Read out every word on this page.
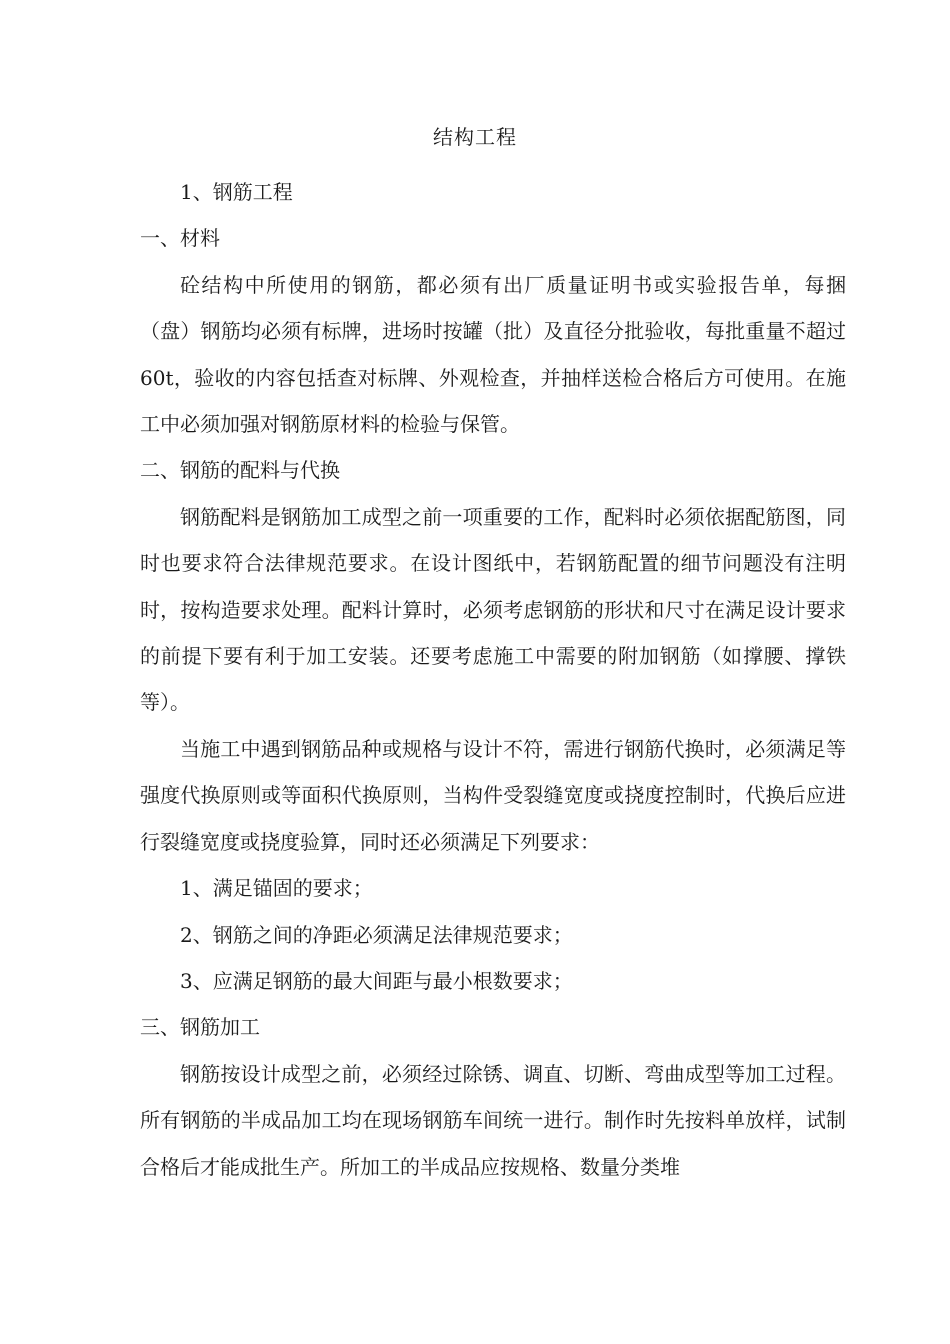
结构工程

1、钢筋工程

一、材料

砼结构中所使用的钢筋，都必须有出厂质量证明书或实验报告单，每捆（盘）钢筋均必须有标牌，进场时按罐（批）及直径分批验收，每批重量不超过60t，验收的内容包括查对标牌、外观检查，并抽样送检合格后方可使用。在施工中必须加强对钢筋原材料的检验与保管。

二、钢筋的配料与代换

钢筋配料是钢筋加工成型之前一项重要的工作，配料时必须依据配筋图，同时也要求符合法律规范要求。在设计图纸中，若钢筋配置的细节问题没有注明时，按构造要求处理。配料计算时，必须考虑钢筋的形状和尺寸在满足设计要求的前提下要有利于加工安装。还要考虑施工中需要的附加钢筋（如撑腰、撑铁等）。

当施工中遇到钢筋品种或规格与设计不符，需进行钢筋代换时，必须满足等强度代换原则或等面积代换原则，当构件受裂缝宽度或挠度控制时，代换后应进行裂缝宽度或挠度验算，同时还必须满足下列要求：

1、满足锚固的要求；

2、钢筋之间的净距必须满足法律规范要求；

3、应满足钢筋的最大间距与最小根数要求；

三、钢筋加工

钢筋按设计成型之前，必须经过除锈、调直、切断、弯曲成型等加工过程。所有钢筋的半成品加工均在现场钢筋车间统一进行。制作时先按料单放样，试制合格后才能成批生产。所加工的半成品应按规格、数量分类堆
